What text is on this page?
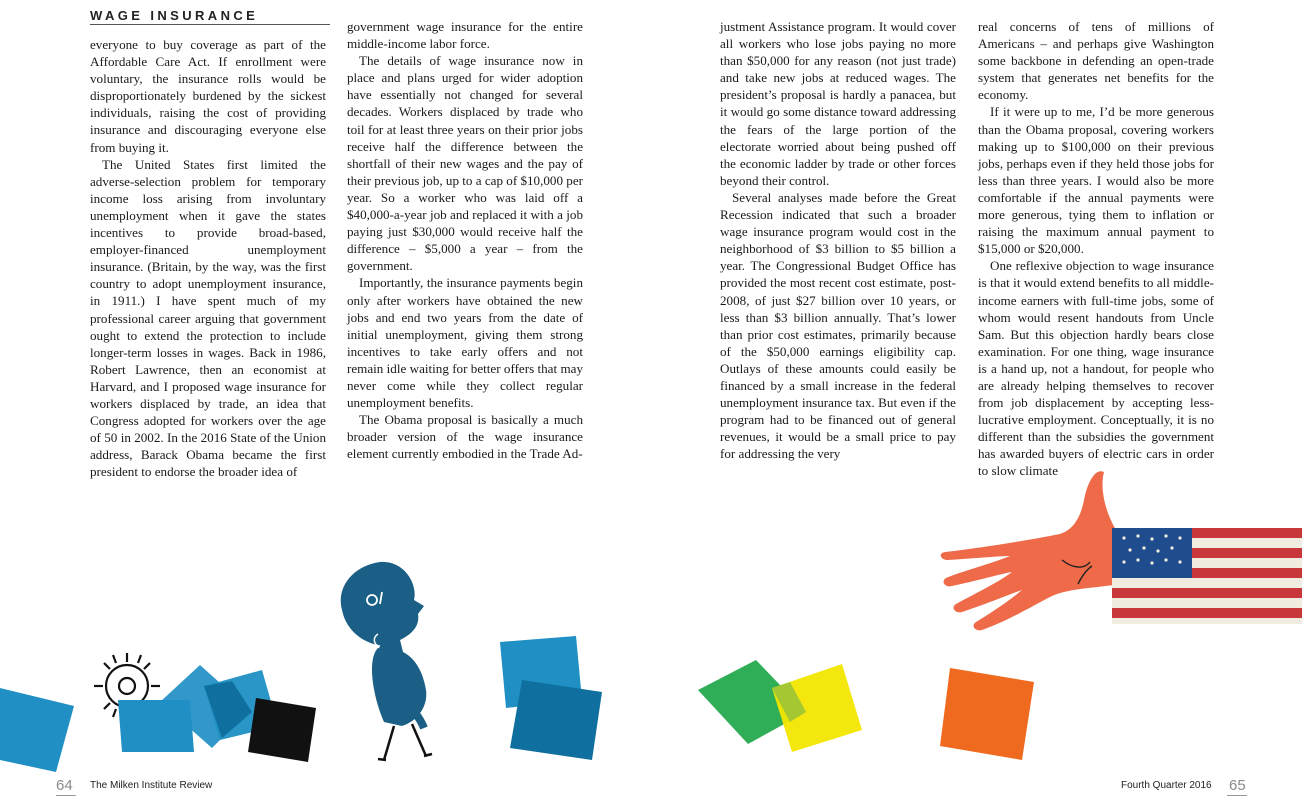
WAGE INSURANCE

everyone to buy coverage as part of the Affordable Care Act. If enrollment were voluntary, the insurance rolls would be disproportionately burdened by the sickest individuals, raising the cost of providing insurance and discouraging everyone else from buying it.

The United States first limited the adverse-selection problem for temporary income loss arising from involuntary unemployment when it gave the states incentives to provide broad-based, employer-financed unemployment insurance. (Britain, by the way, was the first country to adopt unemployment insurance, in 1911.) I have spent much of my professional career arguing that government ought to extend the protection to include longer-term losses in wages. Back in 1986, Robert Lawrence, then an economist at Harvard, and I proposed wage insurance for workers displaced by trade, an idea that Congress adopted for workers over the age of 50 in 2002. In the 2016 State of the Union address, Barack Obama became the first president to endorse the broader idea of

government wage insurance for the entire middle-income labor force.

The details of wage insurance now in place and plans urged for wider adoption have essentially not changed for several decades. Workers displaced by trade who toil for at least three years on their prior jobs receive half the difference between the shortfall of their new wages and the pay of their previous job, up to a cap of $10,000 per year. So a worker who was laid off a $40,000-a-year job and replaced it with a job paying just $30,000 would receive half the difference – $5,000 a year – from the government.

Importantly, the insurance payments begin only after workers have obtained the new jobs and end two years from the date of initial unemployment, giving them strong incentives to take early offers and not remain idle waiting for better offers that may never come while they collect regular unemployment benefits.

The Obama proposal is basically a much broader version of the wage insurance element currently embodied in the Trade Ad-

64 The Milken Institute Review

justment Assistance program. It would cover all workers who lose jobs paying no more than $50,000 for any reason (not just trade) and take new jobs at reduced wages. The president’s proposal is hardly a panacea, but it would go some distance toward addressing the fears of the large portion of the electorate worried about being pushed off the economic ladder by trade or other forces beyond their control.

Several analyses made before the Great Recession indicated that such a broader wage insurance program would cost in the neighborhood of $3 billion to $5 billion a year. The Congressional Budget Office has provided the most recent cost estimate, post-2008, of just $27 billion over 10 years, or less than $3 billion annually. That’s lower than prior cost estimates, primarily because of the $50,000 earnings eligibility cap. Outlays of these amounts could easily be financed by a small increase in the federal unemployment insurance tax. But even if the program had to be financed out of general revenues, it would be a small price to pay for addressing the very

real concerns of tens of millions of Americans – and perhaps give Washington some backbone in defending an open-trade system that generates net benefits for the economy.

If it were up to me, I’d be more generous than the Obama proposal, covering workers making up to $100,000 on their previous jobs, perhaps even if they held those jobs for less than three years. I would also be more comfortable if the annual payments were more generous, tying them to inflation or raising the maximum annual payment to $15,000 or $20,000.

One reflexive objection to wage insurance is that it would extend benefits to all middle-income earners with full-time jobs, some of whom would resent handouts from Uncle Sam. But this objection hardly bears close examination. For one thing, wage insurance is a hand up, not a handout, for people who are already helping themselves to recover from job displacement by accepting less-lucrative employment. Conceptually, it is no different than the subsidies the government has awarded buyers of electric cars in order to slow climate

Fourth Quarter 2016 65
